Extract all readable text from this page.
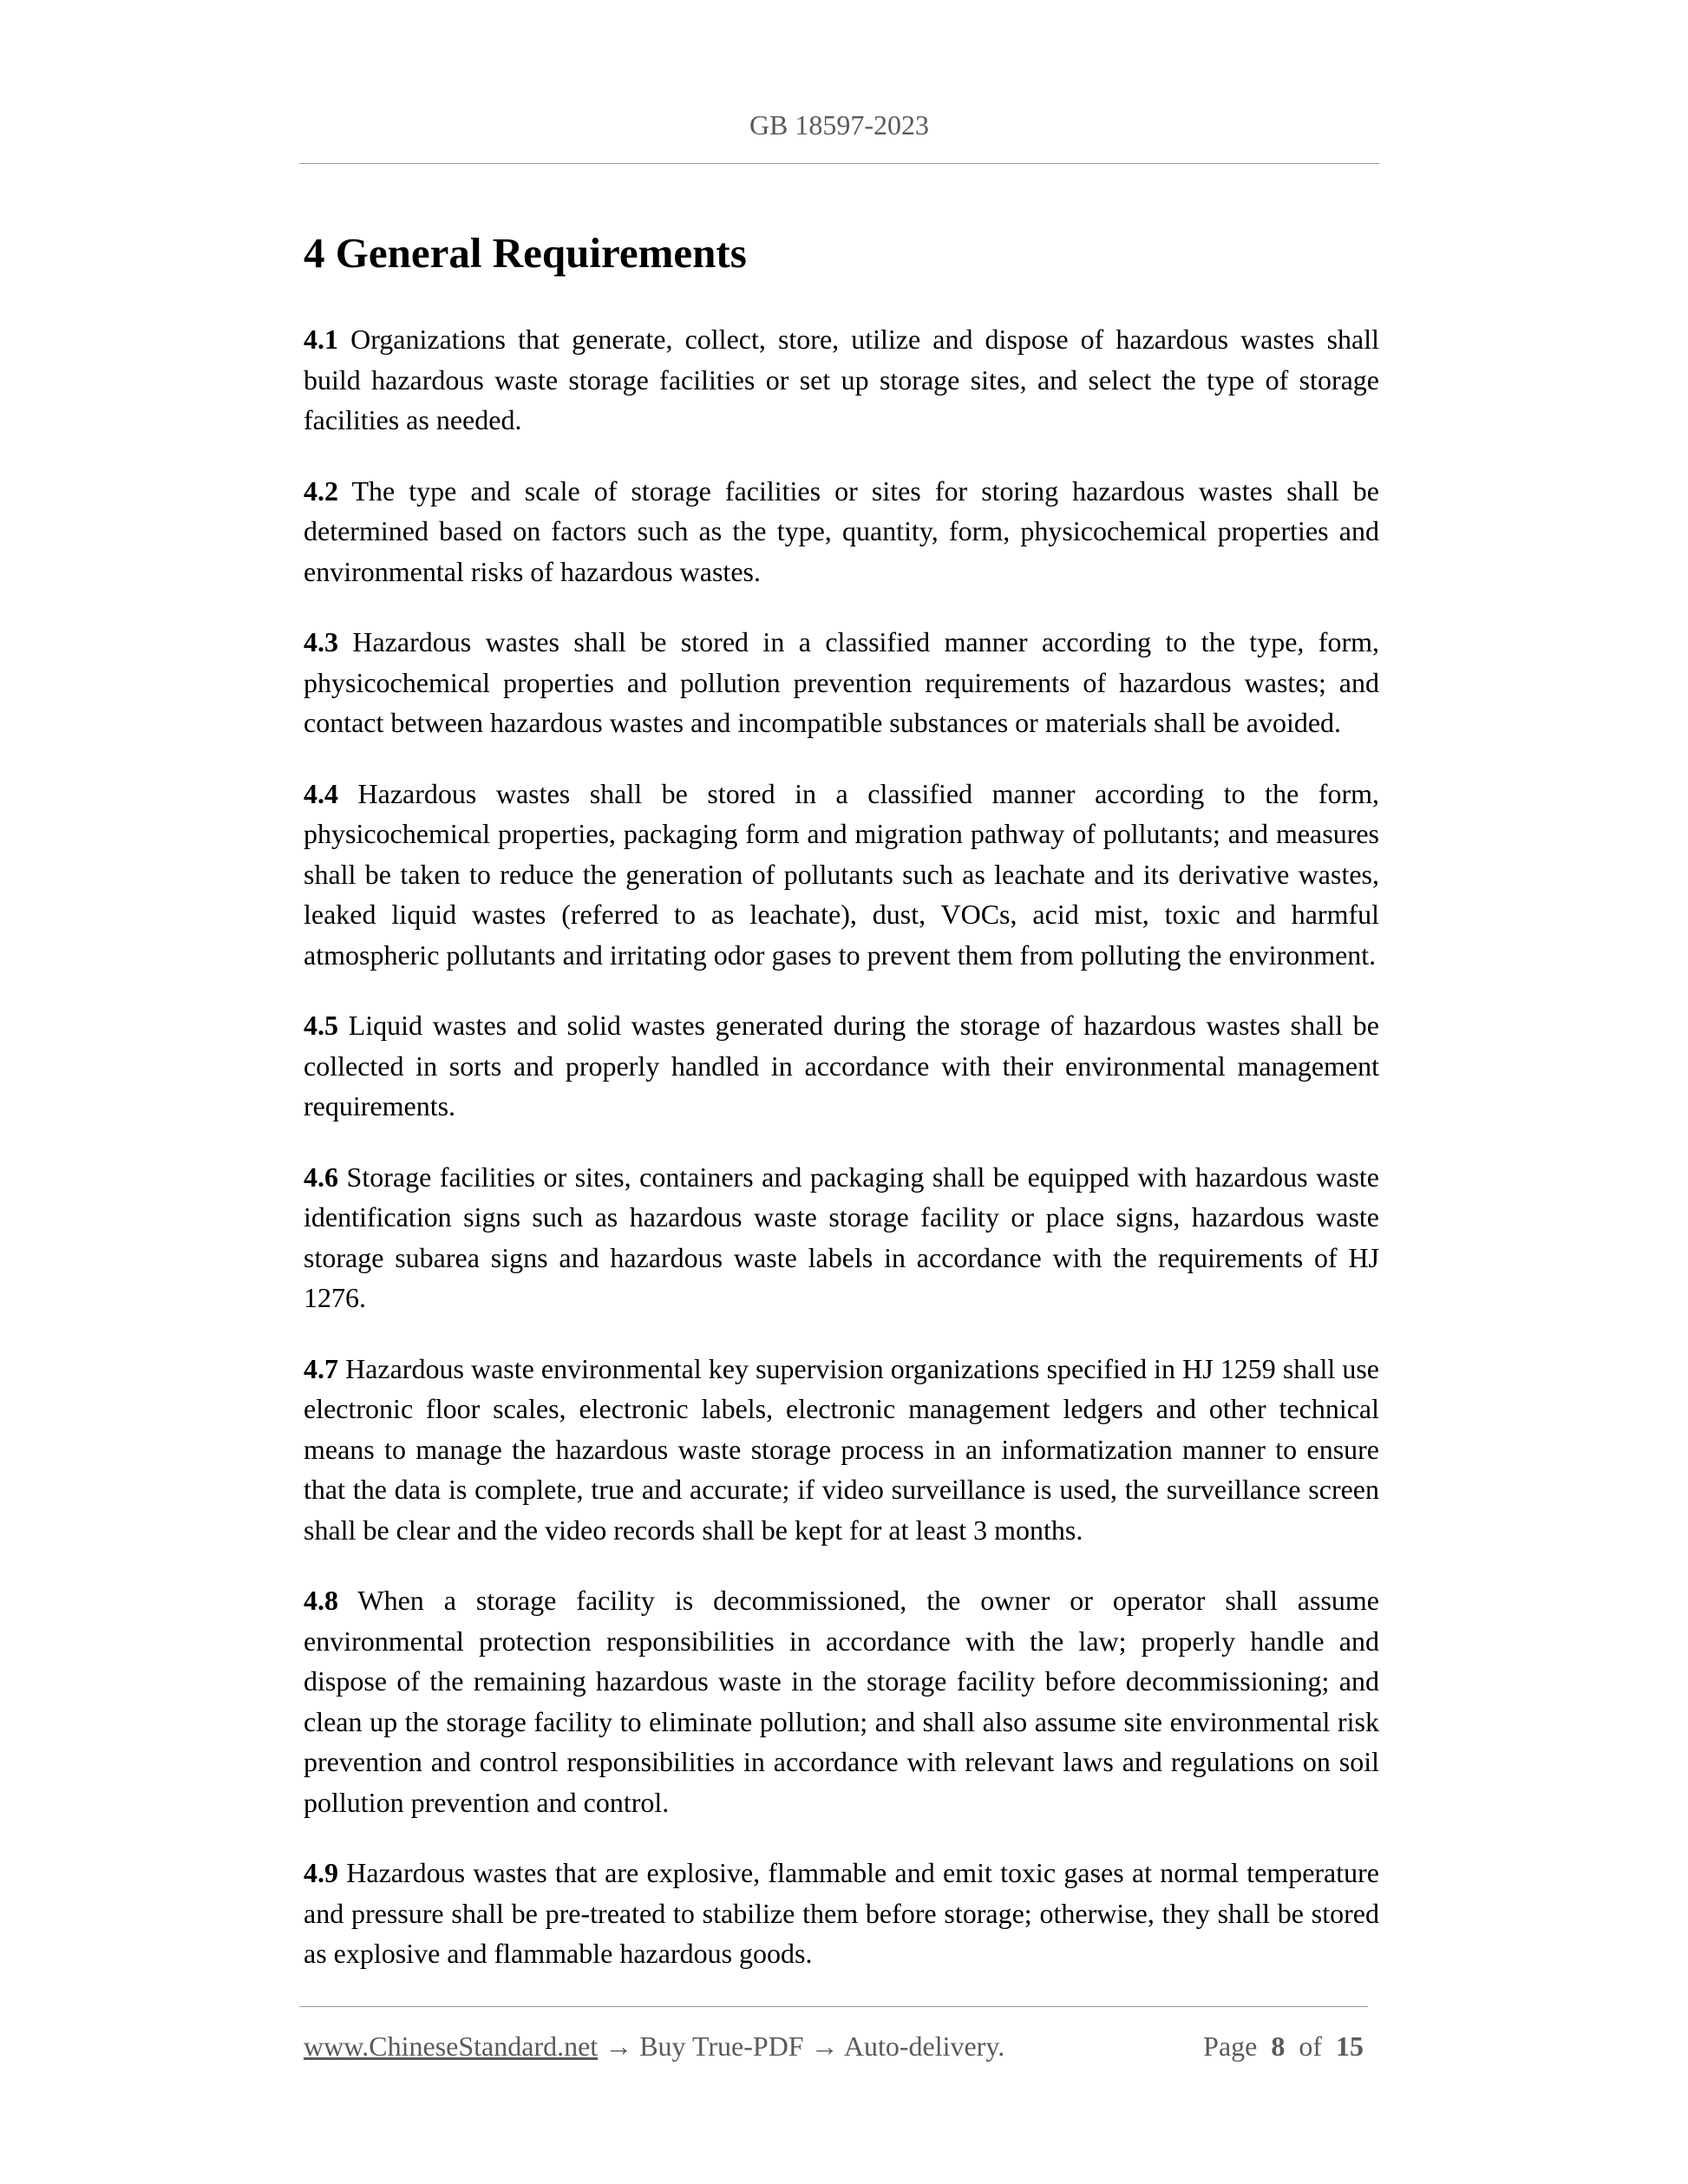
GB 18597-2023
4 General Requirements

4.1 Organizations that generate, collect, store, utilize and dispose of hazardous wastes shall build hazardous waste storage facilities or set up storage sites, and select the type of storage facilities as needed.

4.2 The type and scale of storage facilities or sites for storing hazardous wastes shall be determined based on factors such as the type, quantity, form, physicochemical properties and environmental risks of hazardous wastes.

4.3 Hazardous wastes shall be stored in a classified manner according to the type, form, physicochemical properties and pollution prevention requirements of hazardous wastes; and contact between hazardous wastes and incompatible substances or materials shall be avoided.

4.4 Hazardous wastes shall be stored in a classified manner according to the form, physicochemical properties, packaging form and migration pathway of pollutants; and measures shall be taken to reduce the generation of pollutants such as leachate and its derivative wastes, leaked liquid wastes (referred to as leachate), dust, VOCs, acid mist, toxic and harmful atmospheric pollutants and irritating odor gases to prevent them from polluting the environment.

4.5 Liquid wastes and solid wastes generated during the storage of hazardous wastes shall be collected in sorts and properly handled in accordance with their environmental management requirements.

4.6 Storage facilities or sites, containers and packaging shall be equipped with hazardous waste identification signs such as hazardous waste storage facility or place signs, hazardous waste storage subarea signs and hazardous waste labels in accordance with the requirements of HJ 1276.

4.7 Hazardous waste environmental key supervision organizations specified in HJ 1259 shall use electronic floor scales, electronic labels, electronic management ledgers and other technical means to manage the hazardous waste storage process in an informatization manner to ensure that the data is complete, true and accurate; if video surveillance is used, the surveillance screen shall be clear and the video records shall be kept for at least 3 months.

4.8 When a storage facility is decommissioned, the owner or operator shall assume environmental protection responsibilities in accordance with the law; properly handle and dispose of the remaining hazardous waste in the storage facility before decommissioning; and clean up the storage facility to eliminate pollution; and shall also assume site environmental risk prevention and control responsibilities in accordance with relevant laws and regulations on soil pollution prevention and control.

4.9 Hazardous wastes that are explosive, flammable and emit toxic gases at normal temperature and pressure shall be pre-treated to stabilize them before storage; otherwise, they shall be stored as explosive and flammable hazardous goods.

www.ChineseStandard.net → Buy True-PDF → Auto-delivery.	Page 8 of 15
